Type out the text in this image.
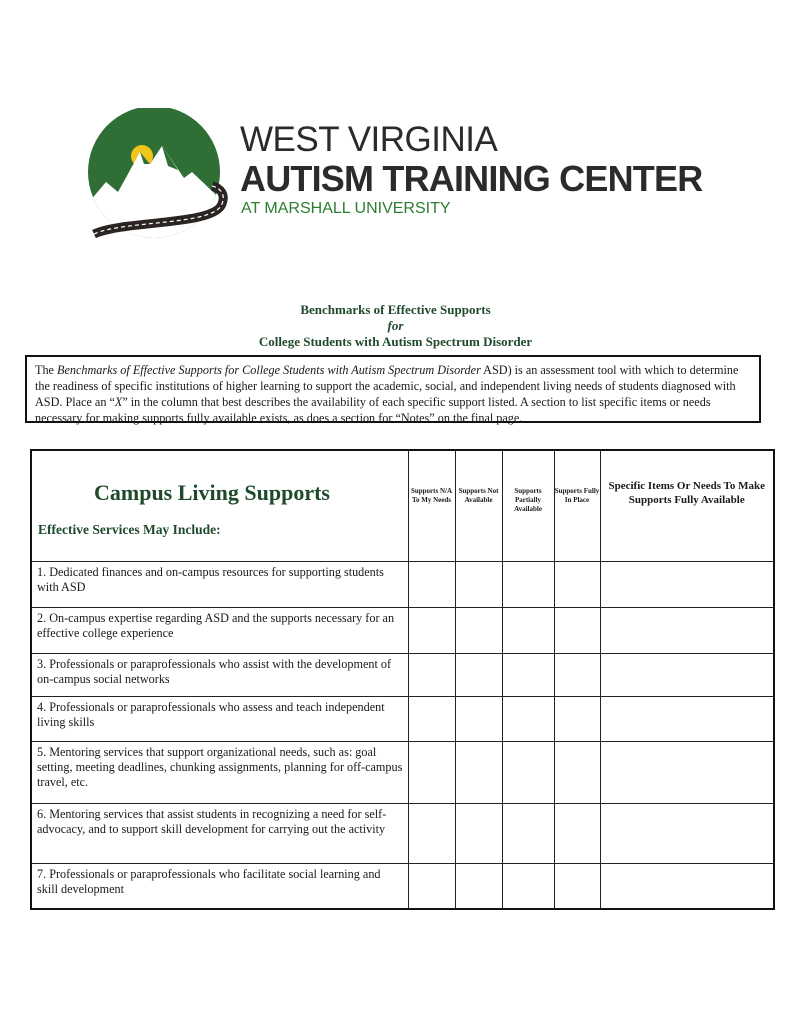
WEST VIRGINIA
AUTISM TRAINING CENTER
AT MARSHALL UNIVERSITY
Benchmarks of Effective Supports
for
College Students with Autism Spectrum Disorder
The Benchmarks of Effective Supports for College Students with Autism Spectrum Disorder ASD) is an assessment tool with which to determine the readiness of specific institutions of higher learning to support the academic, social, and independent living needs of students diagnosed with ASD. Place an “X” in the column that best describes the availability of each specific support listed. A section to list specific items or needs necessary for making supports fully available exists, as does a section for “Notes” on the final page.
Campus Living Supports
Effective Services May Include:	Supports N/A To My Needs	Supports Not Available	Supports Partially Available	Supports Fully In Place	Specific Items Or Needs To Make Supports Fully Available
1. Dedicated finances and on-campus resources for supporting students with ASD					
2. On-campus expertise regarding ASD and the supports necessary for an effective college experience					
3. Professionals or paraprofessionals who assist with the development of on-campus social networks					
4. Professionals or paraprofessionals who assess and teach independent living skills					
5. Mentoring services that support organizational needs, such as: goal setting, meeting deadlines, chunking assignments, planning for off-campus travel, etc.					
6. Mentoring services that assist students in recognizing a need for self-advocacy, and to support skill development for carrying out the activity					
7. Professionals or paraprofessionals who facilitate social learning and skill development					
